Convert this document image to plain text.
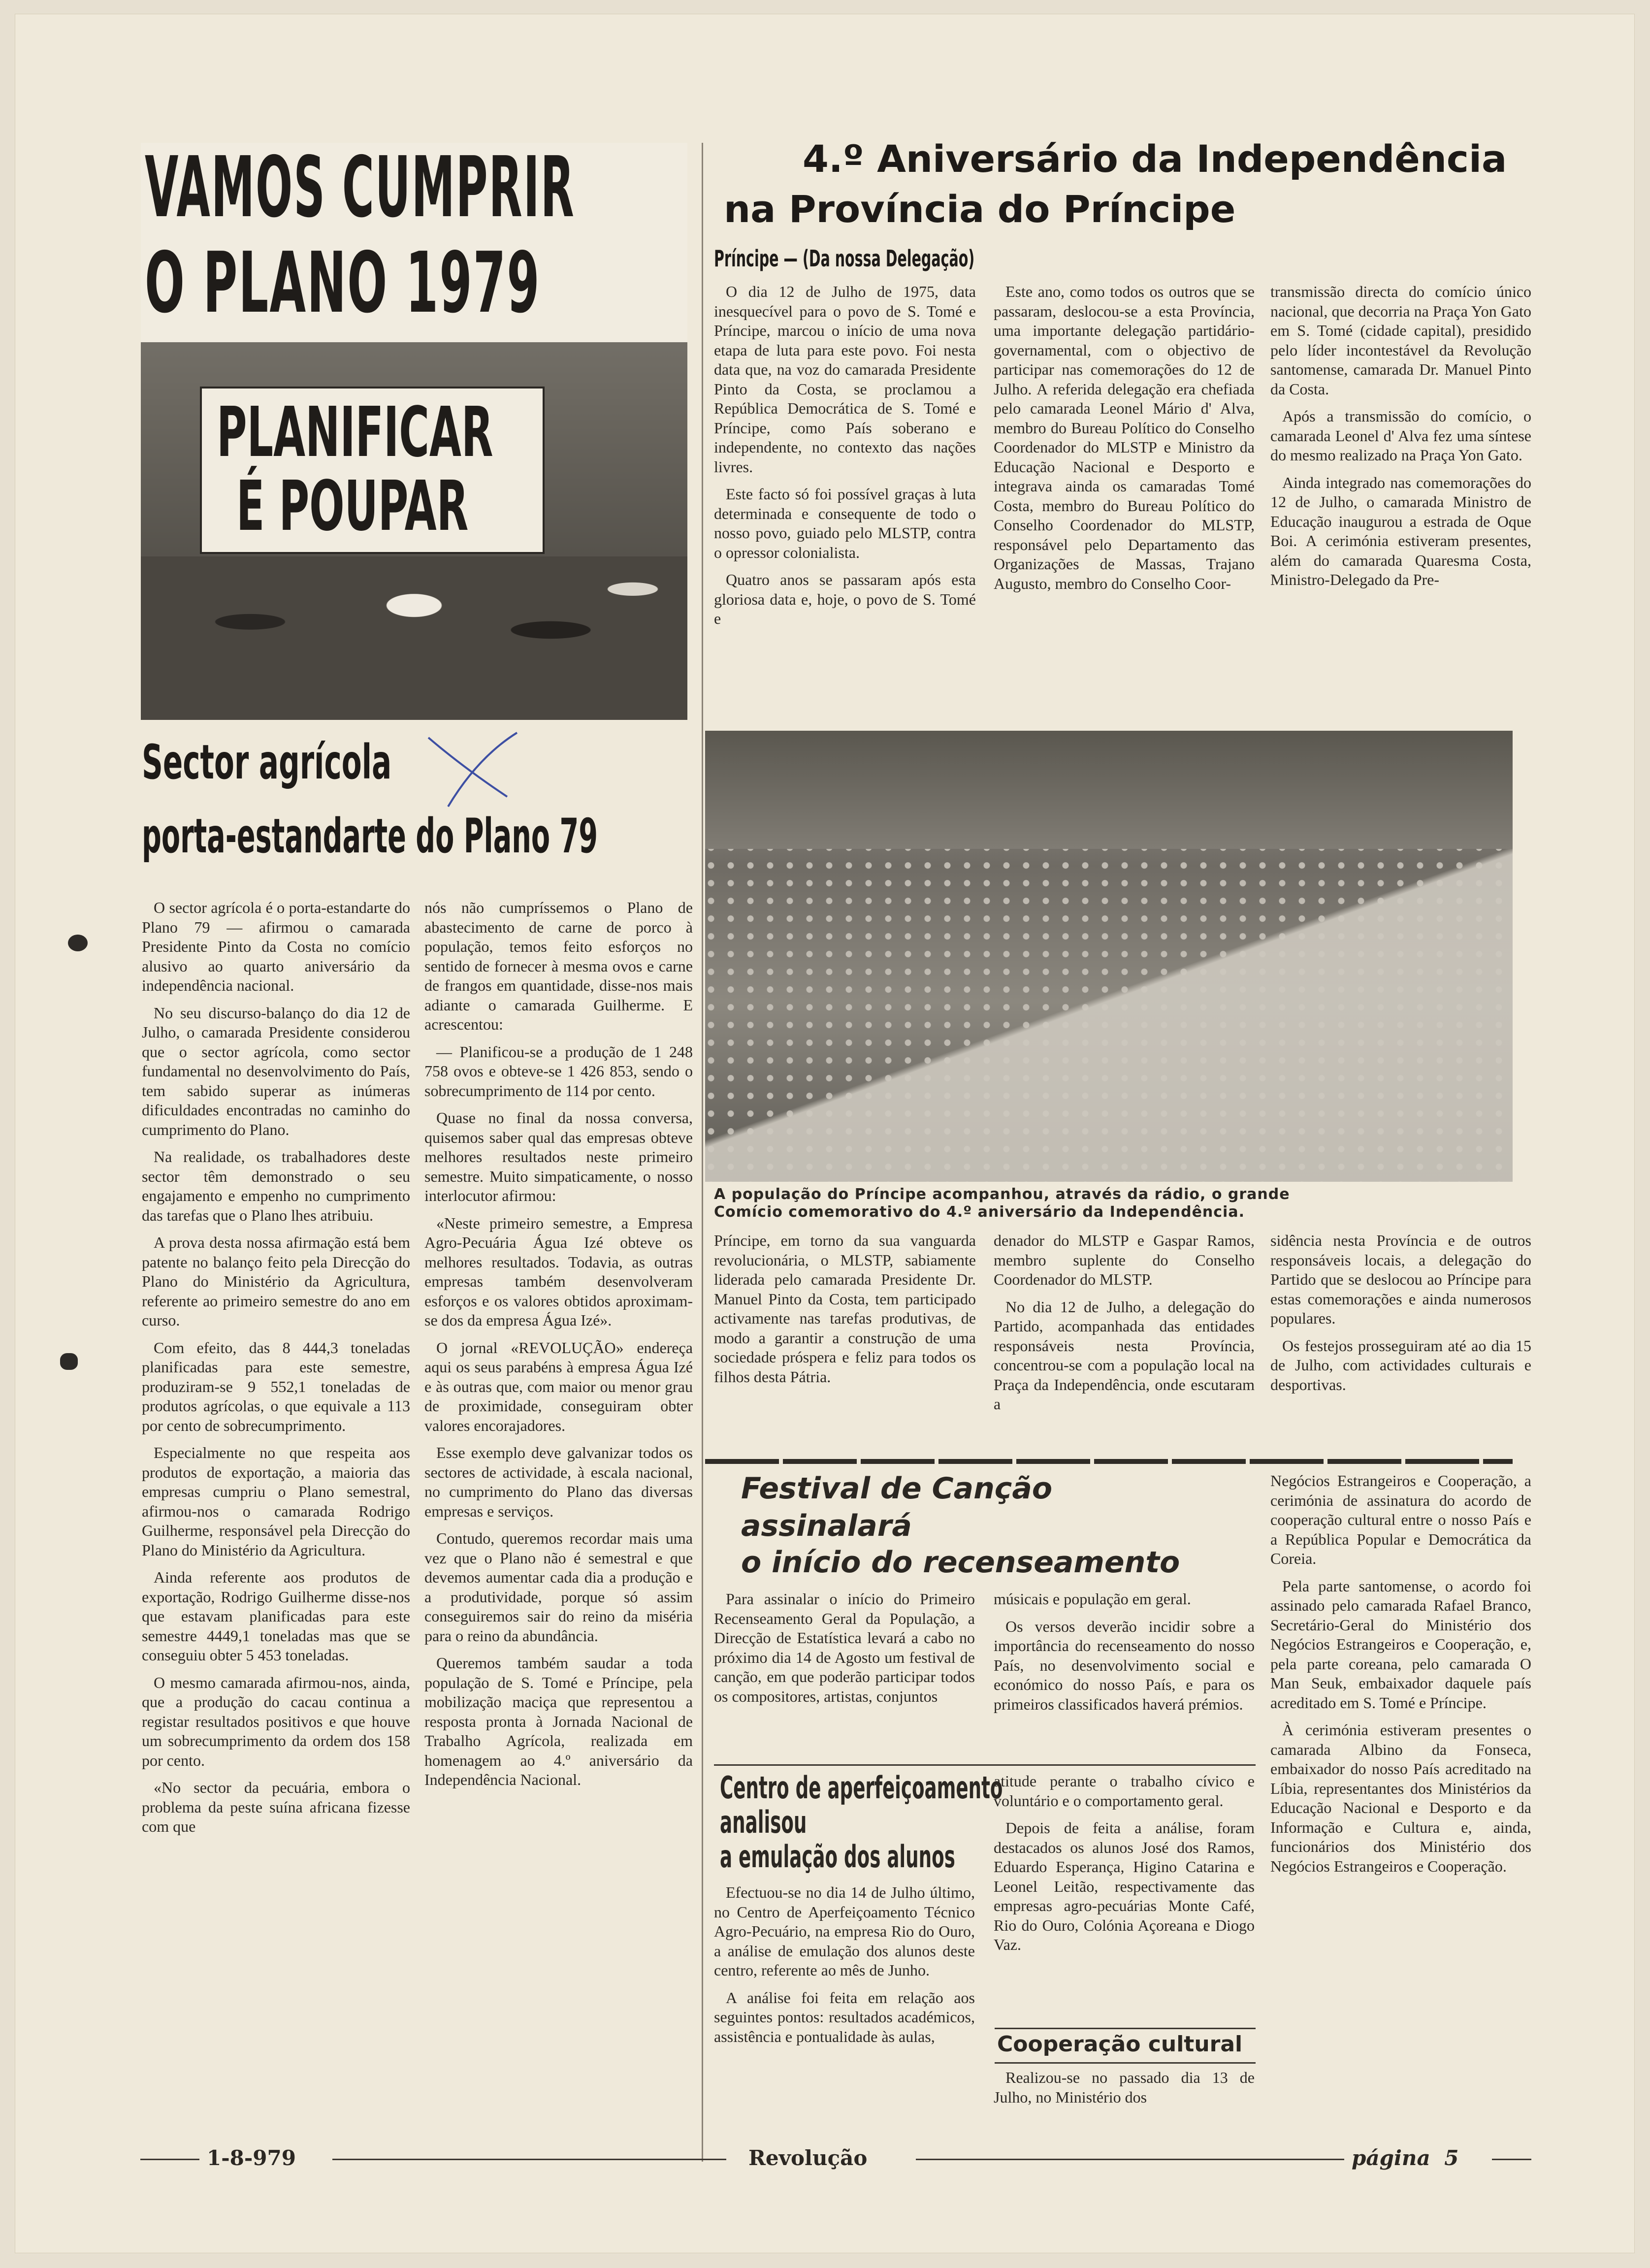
VAMOS CUMPRIR
O PLANO 1979
PLANIFICAR
É POUPAR
Sector agrícola
porta-estandarte do Plano 79

O sector agrícola é o porta-estandarte do Plano 79 — afirmou o camarada Presidente Pinto da Costa no comício alusivo ao quarto aniversário da independência nacional.

No seu discurso-balanço do dia 12 de Julho, o camarada Presidente considerou que o sector agrícola, como sector fundamental no desenvolvimento do País, tem sabido superar as inúmeras dificuldades encontradas no caminho do cumprimento do Plano.

Na realidade, os trabalhadores deste sector têm demonstrado o seu engajamento e empenho no cumprimento das tarefas que o Plano lhes atribuiu.

A prova desta nossa afirmação está bem patente no balanço feito pela Direcção do Plano do Ministério da Agricultura, referente ao primeiro semestre do ano em curso.

Com efeito, das 8 444,3 toneladas planificadas para este semestre, produziram-se 9 552,1 toneladas de produtos agrícolas, o que equivale a 113 por cento de sobrecumprimento.

Especialmente no que respeita aos produtos de exportação, a maioria das empresas cumpriu o Plano semestral, afirmou-nos o camarada Rodrigo Guilherme, responsável pela Direcção do Plano do Ministério da Agricultura.

Ainda referente aos produtos de exportação, Rodrigo Guilherme disse-nos que estavam planificadas para este semestre 4449,1 toneladas mas que se conseguiu obter 5 453 toneladas.

O mesmo camarada afirmou-nos, ainda, que a produção do cacau continua a registar resultados positivos e que houve um sobrecumprimento da ordem dos 158 por cento.

«No sector da pecuária, embora o problema da peste suína africana fizesse com que

nós não cumpríssemos o Plano de abastecimento de carne de porco à população, temos feito esforços no sentido de fornecer à mesma ovos e carne de frangos em quantidade, disse-nos mais adiante o camarada Guilherme. E acrescentou:

— Planificou-se a produção de 1 248 758 ovos e obteve-se 1 426 853, sendo o sobrecumprimento de 114 por cento.

Quase no final da nossa conversa, quisemos saber qual das empresas obteve melhores resultados neste primeiro semestre. Muito simpaticamente, o nosso interlocutor afirmou:

«Neste primeiro semestre, a Empresa Agro-Pecuária Água Izé obteve os melhores resultados. Todavia, as outras empresas também desenvolveram esforços e os valores obtidos aproximam-se dos da empresa Água Izé».

O jornal «REVOLUÇÃO» endereça aqui os seus parabéns à empresa Água Izé e às outras que, com maior ou menor grau de proximidade, conseguiram obter valores encorajadores.

Esse exemplo deve galvanizar todos os sectores de actividade, à escala nacional, no cumprimento do Plano das diversas empresas e serviços.

Contudo, queremos recordar mais uma vez que o Plano não é semestral e que devemos aumentar cada dia a produção e a produtividade, porque só assim conseguiremos sair do reino da miséria para o reino da abundância.

Queremos também saudar a toda população de S. Tomé e Príncipe, pela mobilização maciça que representou a resposta pronta à Jornada Nacional de Trabalho Agrícola, realizada em homenagem ao 4.º aniversário da Independência Nacional.

4.º Aniversário da Independência
na Província do Príncipe
Príncipe — (Da nossa Delegação)

O dia 12 de Julho de 1975, data inesquecível para o povo de S. Tomé e Príncipe, marcou o início de uma nova etapa de luta para este povo. Foi nesta data que, na voz do camarada Presidente Pinto da Costa, se proclamou a República Democrática de S. Tomé e Príncipe, como País soberano e independente, no contexto das nações livres.

Este facto só foi possível graças à luta determinada e consequente de todo o nosso povo, guiado pelo MLSTP, contra o opressor colonialista.

Quatro anos se passaram após esta gloriosa data e, hoje, o povo de S. Tomé e

Este ano, como todos os outros que se passaram, deslocou-se a esta Província, uma importante delegação partidário-governamental, com o objectivo de participar nas comemorações do 12 de Julho. A referida delegação era chefiada pelo camarada Leonel Mário d' Alva, membro do Bureau Político do Conselho Coordenador do MLSTP e Ministro da Educação Nacional e Desporto e integrava ainda os camaradas Tomé Costa, membro do Bureau Político do Conselho Coordenador do MLSTP, responsável pelo Departamento das Organizações de Massas, Trajano Augusto, membro do Conselho Coor-

transmissão directa do comício único nacional, que decorria na Praça Yon Gato em S. Tomé (cidade capital), presidido pelo líder incontestável da Revolução santomense, camarada Dr. Manuel Pinto da Costa.

Após a transmissão do comício, o camarada Leonel d' Alva fez uma síntese do mesmo realizado na Praça Yon Gato.

Ainda integrado nas comemorações do 12 de Julho, o camarada Ministro de Educação inaugurou a estrada de Oque Boi. A cerimónia estiveram presentes, além do camarada Quaresma Costa, Ministro-Delegado da Pre-

A população do Príncipe acompanhou, através da rádio, o grande
Comício comemorativo do 4.º aniversário da Independência.

Príncipe, em torno da sua vanguarda revolucionária, o MLSTP, sabiamente liderada pelo camarada Presidente Dr. Manuel Pinto da Costa, tem participado activamente nas tarefas produtivas, de modo a garantir a construção de uma sociedade próspera e feliz para todos os filhos desta Pátria.

denador do MLSTP e Gaspar Ramos, membro suplente do Conselho Coordenador do MLSTP.

No dia 12 de Julho, a delegação do Partido, acompanhada das entidades responsáveis nesta Província, concentrou-se com a população local na Praça da Independência, onde escutaram a

sidência nesta Província e de outros responsáveis locais, a delegação do Partido que se deslocou ao Príncipe para estas comemorações e ainda numerosos populares.

Os festejos prosseguiram até ao dia 15 de Julho, com actividades culturais e desportivas.

Festival de Canção
assinalará
o início do recenseamento

Para assinalar o início do Primeiro Recenseamento Geral da População, a Direcção de Estatística levará a cabo no próximo dia 14 de Agosto um festival de canção, em que poderão participar todos os compositores, artistas, conjuntos

músicais e população em geral.

Os versos deverão incidir sobre a importância do recenseamento do nosso País, no desenvolvimento social e económico do nosso País, e para os primeiros classificados haverá prémios.

Centro de aperfeiçoamento
analisou
a emulação dos alunos

Efectuou-se no dia 14 de Julho último, no Centro de Aperfeiçoamento Técnico Agro-Pecuário, na empresa Rio do Ouro, a análise de emulação dos alunos deste centro, referente ao mês de Junho.

A análise foi feita em relação aos seguintes pontos: resultados académicos, assistência e pontualidade às aulas,

atitude perante o trabalho cívico e voluntário e o comportamento geral.

Depois de feita a análise, foram destacados os alunos José dos Ramos, Eduardo Esperança, Higino Catarina e Leonel Leitão, respectivamente das empresas agro-pecuárias Monte Café, Rio do Ouro, Colónia Açoreana e Diogo Vaz.

Cooperação cultural

Realizou-se no passado dia 13 de Julho, no Ministério dos

Negócios Estrangeiros e Cooperação, a cerimónia de assinatura do acordo de cooperação cultural entre o nosso País e a República Popular e Democrática da Coreia.

Pela parte santomense, o acordo foi assinado pelo camarada Rafael Branco, Secretário-Geral do Ministério dos Negócios Estrangeiros e Cooperação, e, pela parte coreana, pelo camarada O Man Seuk, embaixador daquele país acreditado em S. Tomé e Príncipe.

À cerimónia estiveram presentes o camarada Albino da Fonseca, embaixador do nosso País acreditado na Líbia, representantes dos Ministérios da Educação Nacional e Desporto e da Informação e Cultura e, ainda, funcionários dos Ministério dos Negócios Estrangeiros e Cooperação.

1-8-979	Revolução	página 5
